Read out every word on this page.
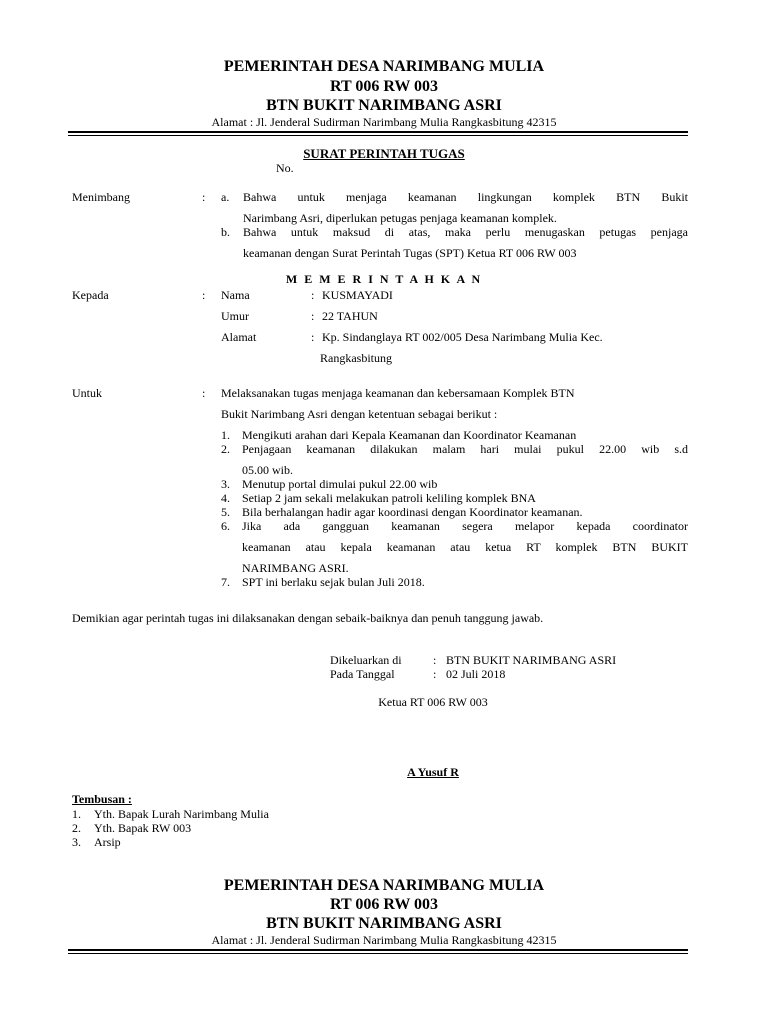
PEMERINTAH DESA NARIMBANG MULIA
RT 006 RW 003
BTN BUKIT NARIMBANG ASRI
Alamat : Jl. Jenderal Sudirman Narimbang Mulia Rangkasbitung 42315
SURAT PERINTAH TUGAS
No.
Menimbang	: a. Bahwa untuk menjaga keamanan lingkungan komplek BTN Bukit
Narimbang Asri, diperlukan petugas penjaga keamanan komplek.
b. Bahwa untuk maksud di atas, maka perlu menugaskan petugas penjaga
keamanan dengan Surat Perintah Tugas (SPT) Ketua RT 006 RW 003
M E M E R I N T A H K A N
Kepada	: Nama	: KUSMAYADI
Umur	: 22 TAHUN
Alamat	: Kp. Sindanglaya RT 002/005 Desa Narimbang Mulia Kec.
Rangkasbitung
Untuk	: Melaksanakan tugas menjaga keamanan dan kebersamaan Komplek BTN
Bukit Narimbang Asri dengan ketentuan sebagai berikut :
1. Mengikuti arahan dari Kepala Keamanan dan Koordinator Keamanan
2. Penjagaan keamanan dilakukan malam hari mulai pukul 22.00 wib s.d
05.00 wib.
3. Menutup portal dimulai pukul 22.00 wib
4. Setiap 2 jam sekali melakukan patroli keliling komplek BNA
5. Bila berhalangan hadir agar koordinasi dengan Koordinator keamanan.
6. Jika ada gangguan keamanan segera melapor kepada coordinator
keamanan atau kepala keamanan atau ketua RT komplek BTN BUKIT
NARIMBANG ASRI.
7. SPT ini berlaku sejak bulan Juli 2018.
Demikian agar perintah tugas ini dilaksanakan dengan sebaik-baiknya dan penuh tanggung jawab.
Dikeluarkan di	: BTN BUKIT NARIMBANG ASRI
Pada Tanggal	: 02 Juli 2018
Ketua RT 006 RW 003
A Yusuf R
Tembusan :
1. Yth. Bapak Lurah Narimbang Mulia
2. Yth. Bapak RW 003
3. Arsip
PEMERINTAH DESA NARIMBANG MULIA
RT 006 RW 003
BTN BUKIT NARIMBANG ASRI
Alamat : Jl. Jenderal Sudirman Narimbang Mulia Rangkasbitung 42315
